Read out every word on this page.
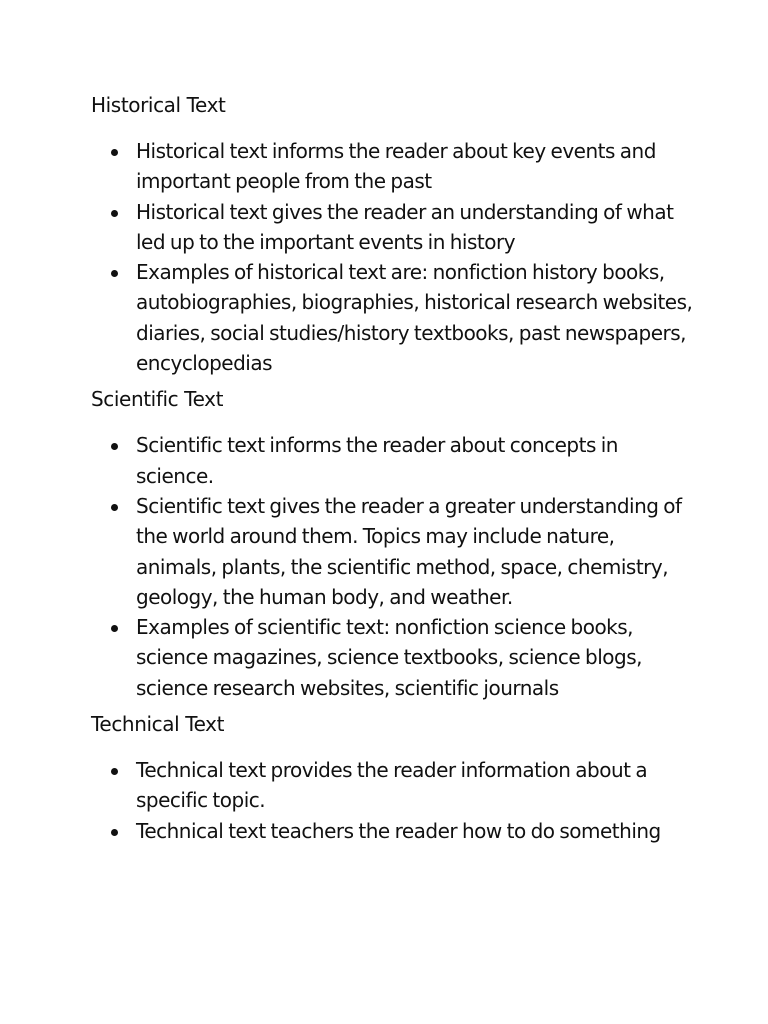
Historical Text
Historical text informs the reader about key events and important people from the past
Historical text gives the reader an understanding of what led up to the important events in history
Examples of historical text are: nonfiction history books, autobiographies, biographies, historical research websites, diaries, social studies/history textbooks, past newspapers, encyclopedias
Scientific Text
Scientific text informs the reader about concepts in science.
Scientific text gives the reader a greater understanding of the world around them. Topics may include nature, animals, plants, the scientific method, space, chemistry, geology, the human body, and weather.
Examples of scientific text: nonfiction science books, science magazines, science textbooks, science blogs, science research websites, scientific journals
Technical Text
Technical text provides the reader information about a specific topic.
Technical text teachers the reader how to do something
